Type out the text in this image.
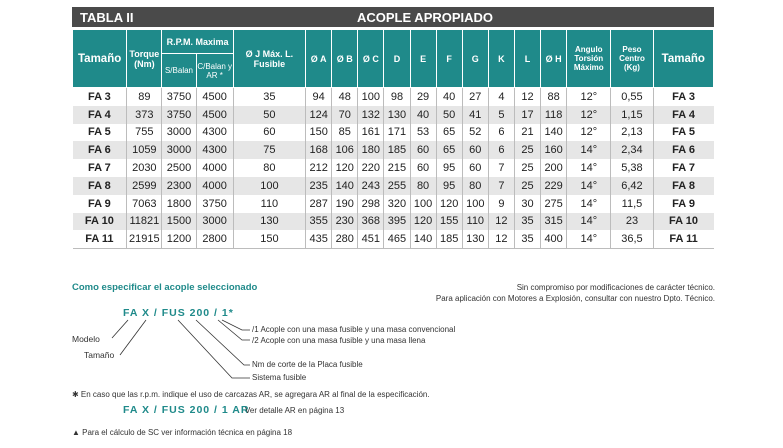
TABLA II	ACOPLE APROPIADO
Tamaño	Torque (Nm)	R.P.M. Maxima		Ø J Máx. L. Fusible	Ø A	Ø B	Ø C	D	E	F	G	K	L	Ø H	Angulo Torsión Máximo	Peso Centro (Kg)	Tamaño
		S/Balan	C/Balan y AR *														
FA 3	89	3750	4500	35	94	48	100	98	29	40	27	4	12	88	12°	0,55	FA 3
FA 4	373	3750	4500	50	124	70	132	130	40	50	41	5	17	118	12°	1,15	FA 4
FA 5	755	3000	4300	60	150	85	161	171	53	65	52	6	21	140	12°	2,13	FA 5
FA 6	1059	3000	4300	75	168	106	180	185	60	65	60	6	25	160	14°	2,34	FA 6
FA 7	2030	2500	4000	80	212	120	220	215	60	95	60	7	25	200	14°	5,38	FA 7
FA 8	2599	2300	4000	100	235	140	243	255	80	95	80	7	25	229	14°	6,42	FA 8
FA 9	7063	1800	3750	110	287	190	298	320	100	120	100	9	30	275	14°	11,5	FA 9
FA 10	11821	1500	3000	130	355	230	368	395	120	155	110	12	35	315	14°	23	FA 10
FA 11	21915	1200	2800	150	435	280	451	465	140	185	130	12	35	400	14°	36,5	FA 11
Como especificar el acople seleccionado	Sin compromiso por modificaciones de carácter técnico.
Para aplicación con Motores a Explosión, consultar con nuestro Dpto. Técnico.
FA X / FUS 200 / 1*
Modelo
Tamaño
/1 Acople con una masa fusible y una masa convencional
/2 Acople con una masa fusible y una masa llena
Nm de corte de la Placa fusible
Sistema fusible
✱ En caso que las r.p.m. indique el uso de carcazas AR, se agregara AR al final de la especificación.
FA X / FUS 200 / 1 AR
Ver detalle AR en página 13
▲ Para el cálculo de SC ver información técnica en página 18
